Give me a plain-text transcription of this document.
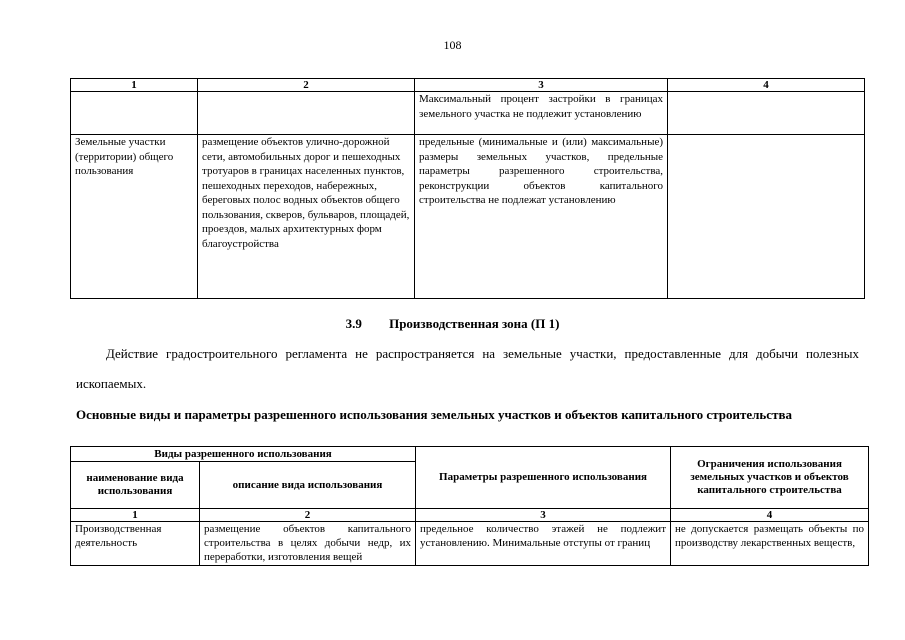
108
1	2	3	4
		Максимальный процент застройки в границах земельного участка не подлежит установлению	
Земельные участки (территории) общего пользования	размещение объектов улично-дорожной сети, автомобильных дорог и пешеходных тротуаров в границах населенных пунктов, пешеходных переходов, набережных, береговых полос водных объектов общего пользования, скверов, бульваров, площадей, проездов, малых архитектурных форм благоустройства	предельные (минимальные и (или) максимальные) размеры земельных участков, предельные параметры разрешенного строительства, реконструкции объектов капитального строительства не подлежат установлению	
3.9 Производственная зона (П 1)
Действие градостроительного регламента не распространяется на земельные участки, предоставленные для добычи полезных ископаемых.
Основные виды и параметры разрешенного использования земельных участков и объектов капитального строительства
Виды разрешенного использования		Параметры разрешенного использования	Ограничения использования земельных участков и объектов капитального строительства
наименование вида использования	описание вида использования		
1	2	3	4
Производственная деятельность	размещение объектов капитального строительства в целях добычи недр, их переработки, изготовления вещей	предельное количество этажей не подлежит установлению. Минимальные отступы от границ	не допускается размещать объекты по производству лекарственных веществ,
